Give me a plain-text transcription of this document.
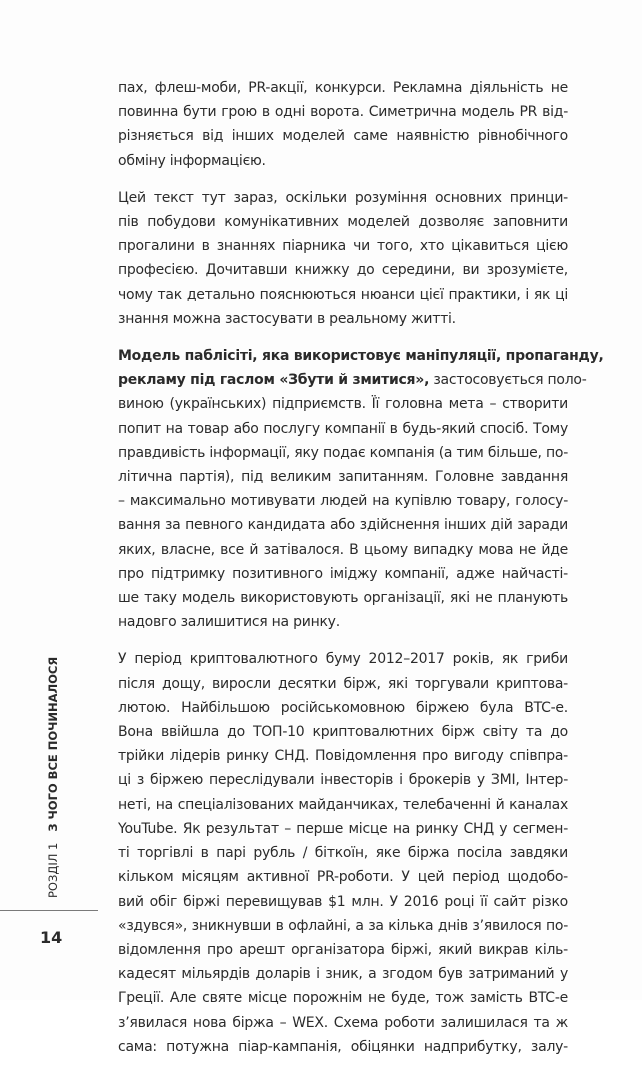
пах, флеш-моби, PR-акції, конкурси. Рекламна діяльність не
повинна бути грою в одні ворота. Симетрична модель PR від-
різняється від інших моделей саме наявністю рівнобічного
обміну інформацією.

Цей текст тут зараз, оскільки розуміння основних принци-
пів побудови комунікативних моделей дозволяє заповнити
прогалини в знаннях піарника чи того, хто цікавиться цією
професією. Дочитавши книжку до середини, ви зрозумієте,
чому так детально пояснюються нюанси цієї практики, і як ці
знання можна застосувати в реальному житті.

Модель паблісіті, яка використовує маніпуляції, пропаганду,
рекламу під гаслом «Збути й змитися», застосовується поло-
виною (українських) підприємств. Її головна мета – створити
попит на товар або послугу компанії в будь-який спосіб. Тому
правдивість інформації, яку подає компанія (а тим більше, по-
літична партія), під великим запитанням. Головне завдання
– максимально мотивувати людей на купівлю товару, голосу-
вання за певного кандидата або здійснення інших дій заради
яких, власне, все й затівалося. В цьому випадку мова не йде
про підтримку позитивного іміджу компанії, адже найчасті-
ше таку модель використовують організації, які не планують
надовго залишитися на ринку.

У період криптовалютного буму 2012–2017 років, як гриби
після дощу, виросли десятки бірж, які торгували криптова-
лютою. Найбільшою російськомовною біржею була BTC-e.
Вона ввійшла до ТОП-10 криптовалютних бірж світу та до
трійки лідерів ринку СНД. Повідомлення про вигоду співпра-
ці з біржею переслідували інвесторів і брокерів у ЗМІ, Інтер-
неті, на спеціалізованих майданчиках, телебаченні й каналах
YouTube. Як результат – перше місце на ринку СНД у сегмен-
ті торгівлі в парі рубль / біткоїн, яке біржа посіла завдяки
кільком місяцям активної PR-роботи. У цей період щодобо-
вий обіг біржі перевищував $1 млн. У 2016 році її сайт різко
«здувся», зникнувши в офлайні, а за кілька днів з’явилося по-
відомлення про арешт організатора біржі, який викрав кіль-
кадесят мільярдів доларів і зник, а згодом був затриманий у
Греції. Але святе місце порожнім не буде, тож замість BTC-e
з’явилася нова біржа – WEX. Схема роботи залишилася та ж
сама: потужна піар-кампанія, обіцянки надприбутку, залу-

РОЗДІЛ 1   З ЧОГО ВСЕ ПОЧИНАЛОСЯ
14
